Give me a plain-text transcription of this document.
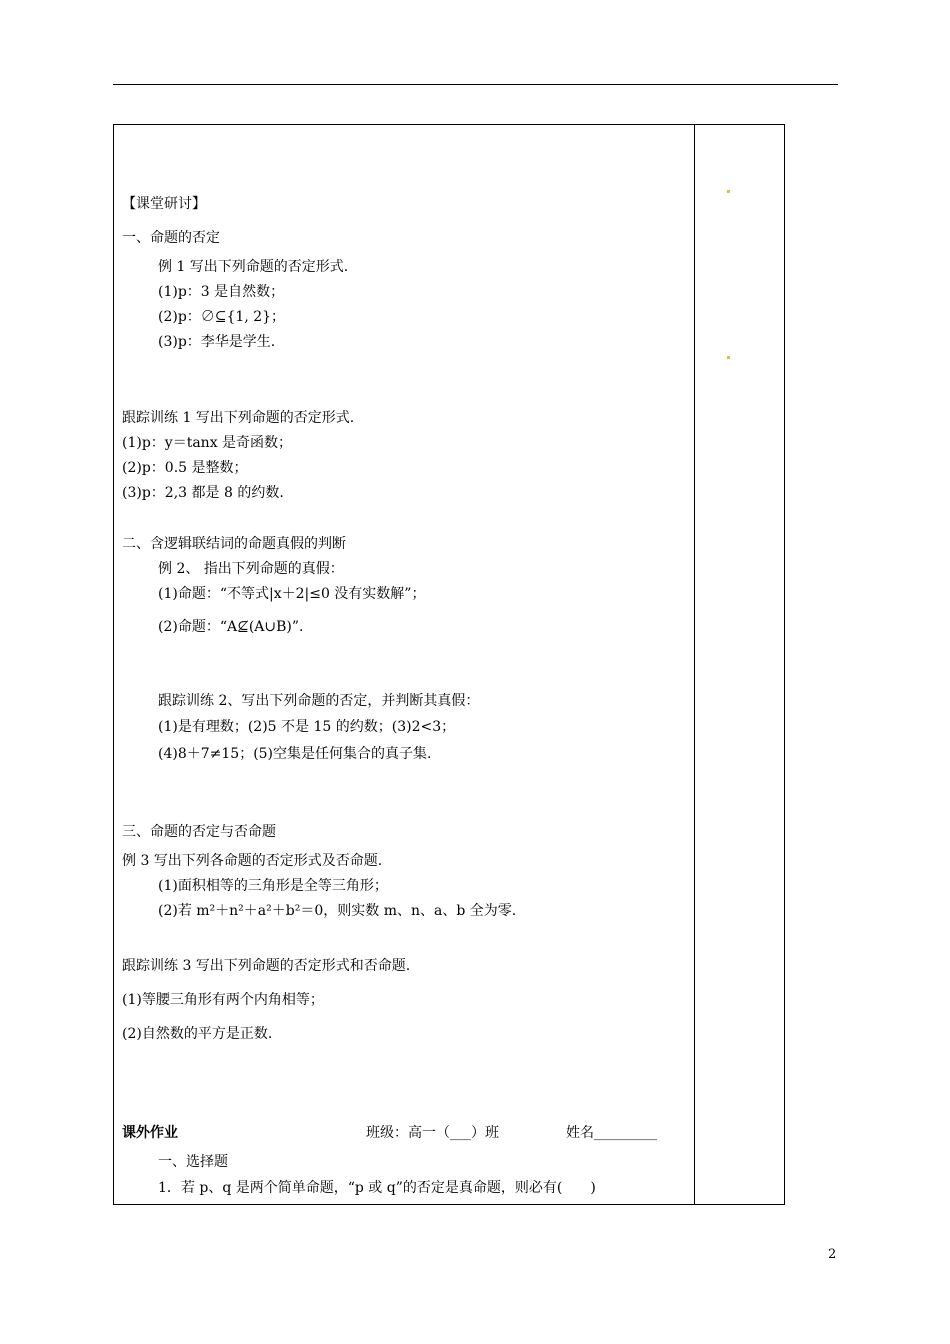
【课堂研讨】
一、命题的否定
例 1 写出下列命题的否定形式.
(1)p：3 是自然数；
(2)p：∅⊆{1, 2}；
(3)p：李华是学生.
跟踪训练 1 写出下列命题的否定形式.
(1)p：y＝tanx 是奇函数；
(2)p：0.5 是整数；
(3)p：2,3 都是 8 的约数.
二、含逻辑联结词的命题真假的判断
例 2、 指出下列命题的真假：
(1)命题：“不等式|x＋2|≤0 没有实数解”；
(2)命题：“A⊈(A∪B)”.
跟踪训练 2、写出下列命题的否定，并判断其真假：
(1)是有理数；(2)5 不是 15 的约数；(3)2<3；
(4)8＋7≠15；(5)空集是任何集合的真子集.
三、命题的否定与否命题
例 3 写出下列各命题的否定形式及否命题.
(1)面积相等的三角形是全等三角形；
(2)若 m²＋n²＋a²＋b²＝0，则实数 m、n、a、b 全为零.
跟踪训练 3 写出下列命题的否定形式和否命题.
(1)等腰三角形有两个内角相等；
(2)自然数的平方是正数.
课外作业	班级：高一（___）班	姓名_________
一、选择题
1．若 p、q 是两个简单命题，“p 或 q”的否定是真命题，则必有(　　)
2
